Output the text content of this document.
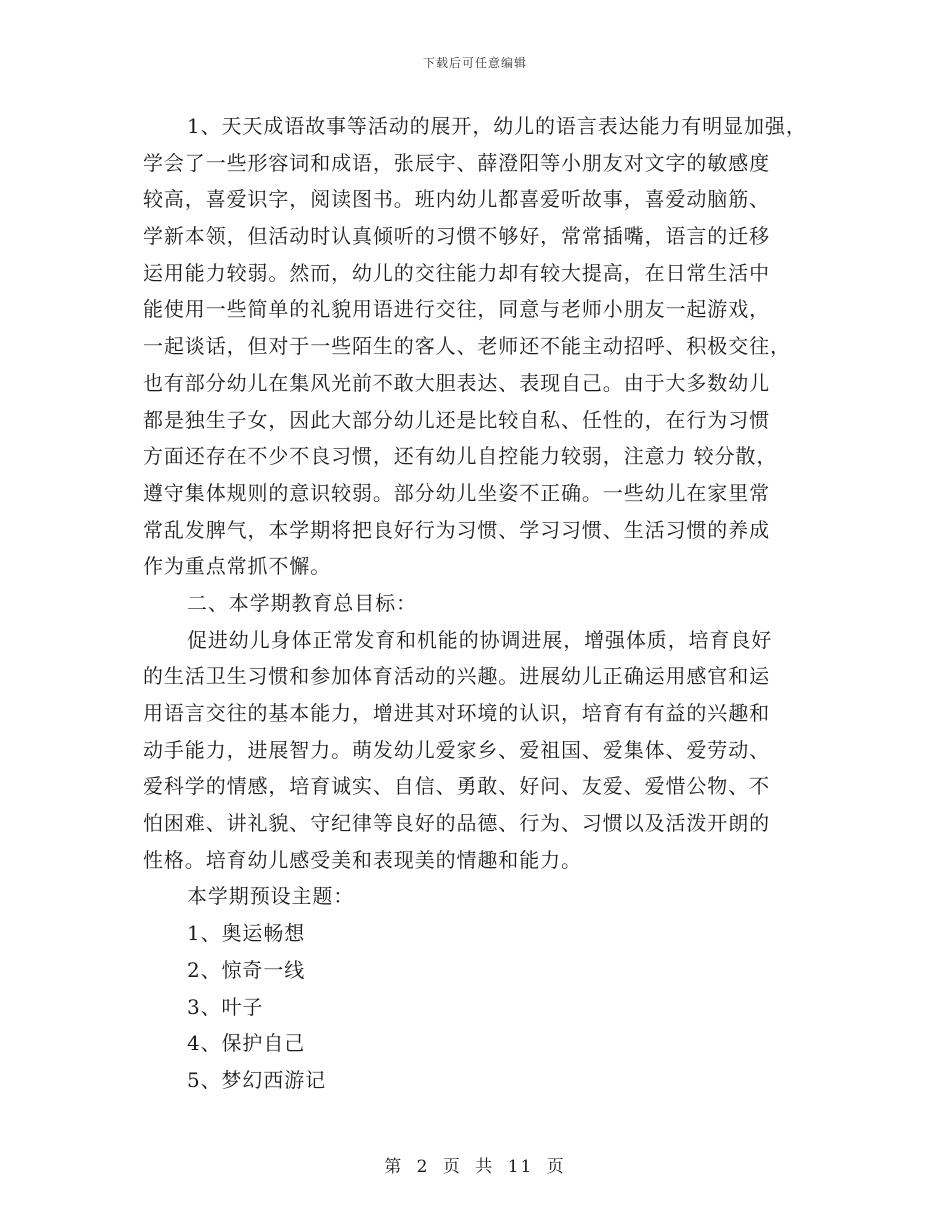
下载后可任意编辑
1、天天成语故事等活动的展开，幼儿的语言表达能力有明显加强，
学会了一些形容词和成语，张辰宇、薛澄阳等小朋友对文字的敏感度
较高，喜爱识字，阅读图书。班内幼儿都喜爱听故事，喜爱动脑筋、
学新本领，但活动时认真倾听的习惯不够好，常常插嘴，语言的迁移
运用能力较弱。然而，幼儿的交往能力却有较大提高，在日常生活中
能使用一些简单的礼貌用语进行交往，同意与老师小朋友一起游戏，
一起谈话，但对于一些陌生的客人、老师还不能主动招呼、积极交往，
也有部分幼儿在集风光前不敢大胆表达、表现自己。由于大多数幼儿
都是独生子女，因此大部分幼儿还是比较自私、任性的，在行为习惯
方面还存在不少不良习惯，还有幼儿自控能力较弱，注意力 较分散，
遵守集体规则的意识较弱。部分幼儿坐姿不正确。一些幼儿在家里常
常乱发脾气，本学期将把良好行为习惯、学习习惯、生活习惯的养成
作为重点常抓不懈。
二、本学期教育总目标：
促进幼儿身体正常发育和机能的协调进展，增强体质，培育良好
的生活卫生习惯和参加体育活动的兴趣。进展幼儿正确运用感官和运
用语言交往的基本能力，增进其对环境的认识，培育有有益的兴趣和
动手能力，进展智力。萌发幼儿爱家乡、爱祖国、爱集体、爱劳动、
爱科学的情感，培育诚实、自信、勇敢、好问、友爱、爱惜公物、不
怕困难、讲礼貌、守纪律等良好的品德、行为、习惯以及活泼开朗的
性格。培育幼儿感受美和表现美的情趣和能力。
本学期预设主题：
1、奥运畅想
2、惊奇一线
3、叶子
4、保护自己
5、梦幻西游记
第 2 页 共 11 页
